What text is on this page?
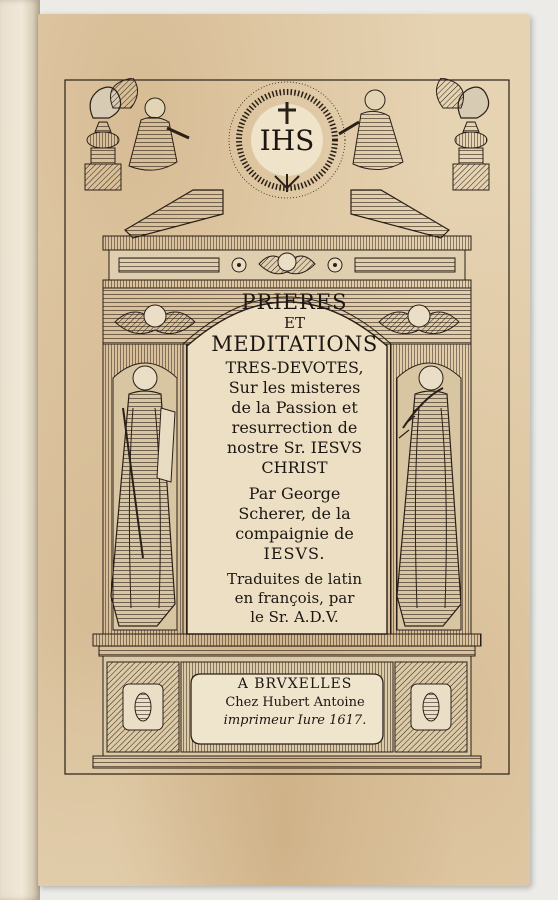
IHS
PRIERES
ET
MEDITATIONS
TRES-DEVOTES,
Sur les misteres
de la Passion et
resurrection de
nostre Sr. IESVS
CHRIST
Par George
Scherer, de la
compaignie de
IESVS.
Traduites de latin
en françois, par
le Sr. A.D.V.
A BRVXELLES
Chez Hubert Antoine
imprimeur Iure 1617.
